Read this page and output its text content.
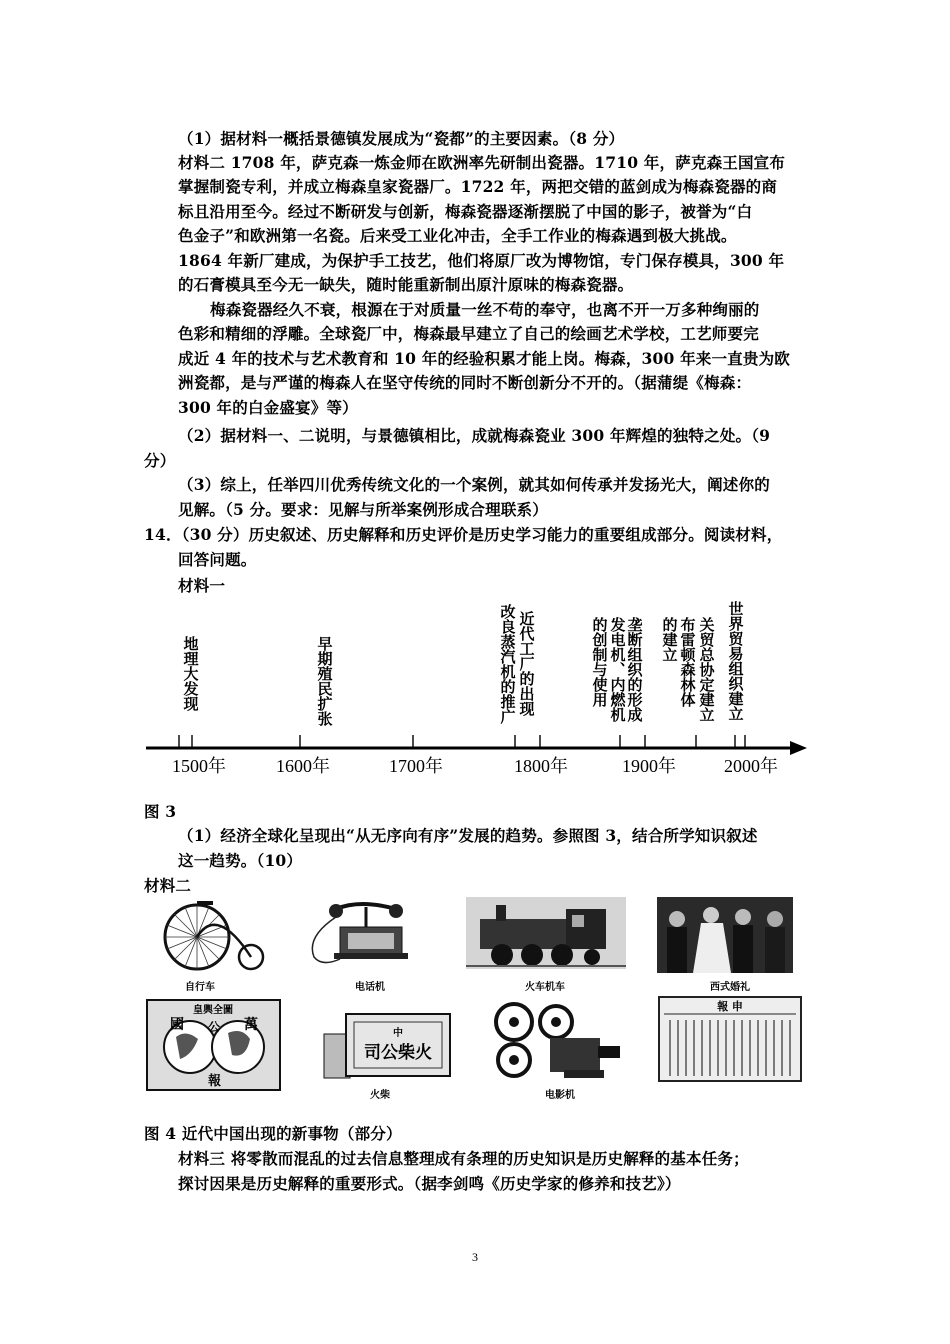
（1）据材料一概括景德镇发展成为“瓷都”的主要因素。（8 分）
材料二 1708 年，萨克森一炼金师在欧洲率先研制出瓷器。1710 年，萨克森王国宣布
掌握制瓷专利，并成立梅森皇家瓷器厂。1722 年，两把交错的蓝剑成为梅森瓷器的商
标且沿用至今。经过不断研发与创新，梅森瓷器逐渐摆脱了中国的影子，被誉为“白
色金子”和欧洲第一名瓷。后来受工业化冲击，全手工作业的梅森遇到极大挑战。
1864 年新厂建成，为保护手工技艺，他们将原厂改为博物馆，专门保存模具，300 年
的石膏模具至今无一缺失，随时能重新制出原汁原味的梅森瓷器。
梅森瓷器经久不衰，根源在于对质量一丝不苟的奉守，也离不开一万多种绚丽的
色彩和精细的浮雕。全球瓷厂中，梅森最早建立了自己的绘画艺术学校，工艺师要完
成近 4 年的技术与艺术教育和 10 年的经验积累才能上岗。梅森，300 年来一直贵为欧
洲瓷都，是与严谨的梅森人在坚守传统的同时不断创新分不开的。（据蒲缇《梅森：
300 年的白金盛宴》等）
（2）据材料一、二说明，与景德镇相比，成就梅森瓷业 300 年辉煌的独特之处。（9
分）
（3）综上，任举四川优秀传统文化的一个案例，就其如何传承并发扬光大，阐述你的
见解。（5 分。要求：见解与所举案例形成合理联系）
14．（30 分）历史叙述、历史解释和历史评价是历史学习能力的重要组成部分。阅读材料，
回答问题。
材料一
地理大发现	早期殖民扩张	改良蒸汽机的推广 近代工厂的出现	的创制与使用 发电机、内燃机 垄断组织的形成 的建立 布雷顿森林体 关贸总协定建立 世界贸易组织建立
1500年	1600年	1700年	1800年	1900年	2000年
图 3
（1）经济全球化呈现出“从无序向有序”发展的趋势。参照图 3，结合所学知识叙述
这一趋势。（10）
材料二
自行车	电话机	火车机车	西式婚礼
皇輿全圖
國	萬
公
報
中
司公柴火
報 申
火柴	电影机
图 4 近代中国出现的新事物（部分）
材料三 将零散而混乱的过去信息整理成有条理的历史知识是历史解释的基本任务；
探讨因果是历史解释的重要形式。（据李剑鸣《历史学家的修养和技艺》）
3
